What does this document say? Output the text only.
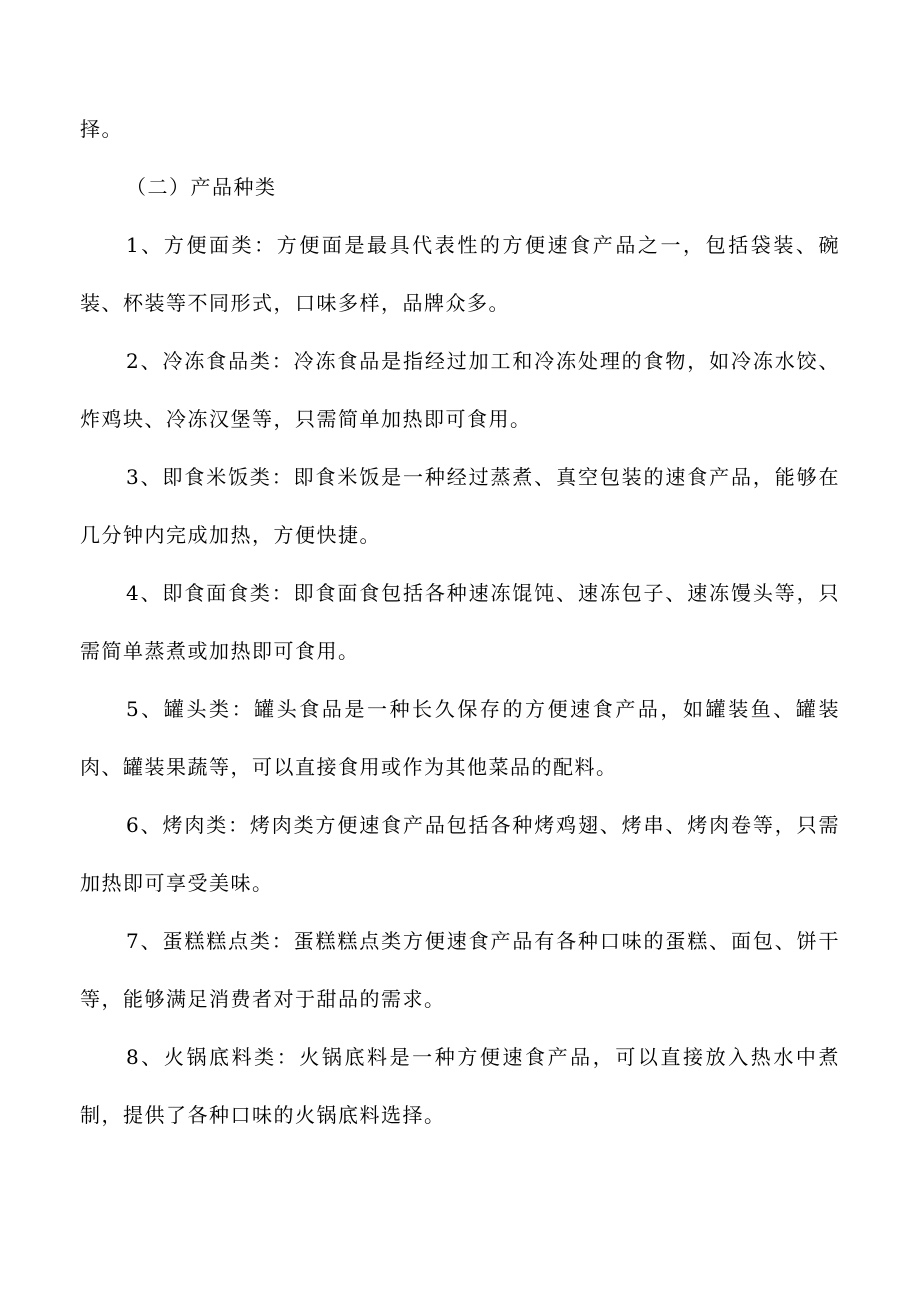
择。

（二）产品种类

1、方便面类：方便面是最具代表性的方便速食产品之一，包括袋装、碗装、杯装等不同形式，口味多样，品牌众多。

2、冷冻食品类：冷冻食品是指经过加工和冷冻处理的食物，如冷冻水饺、炸鸡块、冷冻汉堡等，只需简单加热即可食用。

3、即食米饭类：即食米饭是一种经过蒸煮、真空包装的速食产品，能够在几分钟内完成加热，方便快捷。

4、即食面食类：即食面食包括各种速冻馄饨、速冻包子、速冻馒头等，只需简单蒸煮或加热即可食用。

5、罐头类：罐头食品是一种长久保存的方便速食产品，如罐装鱼、罐装肉、罐装果蔬等，可以直接食用或作为其他菜品的配料。

6、烤肉类：烤肉类方便速食产品包括各种烤鸡翅、烤串、烤肉卷等，只需加热即可享受美味。

7、蛋糕糕点类：蛋糕糕点类方便速食产品有各种口味的蛋糕、面包、饼干等，能够满足消费者对于甜品的需求。

8、火锅底料类：火锅底料是一种方便速食产品，可以直接放入热水中煮制，提供了各种口味的火锅底料选择。
